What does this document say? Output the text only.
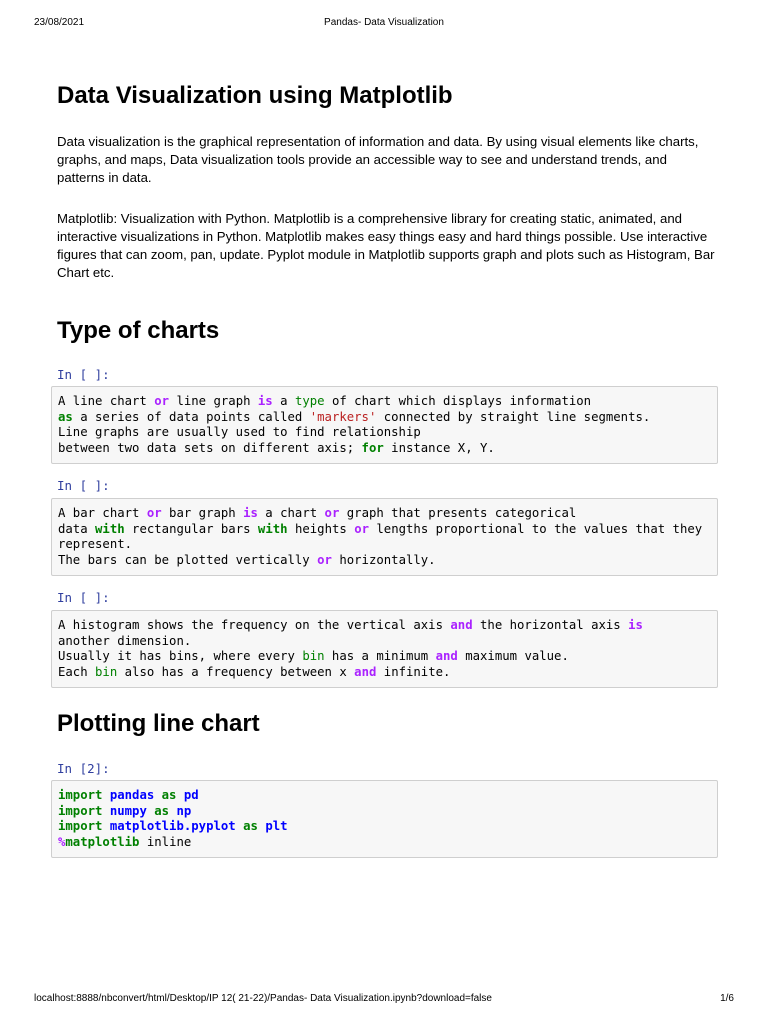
23/08/2021	Pandas- Data Visualization
Data Visualization using Matplotlib

Data visualization is the graphical representation of information and data. By using visual elements like charts, graphs, and maps, Data visualization tools provide an accessible way to see and understand trends, and patterns in data.

Matplotlib: Visualization with Python. Matplotlib is a comprehensive library for creating static, animated, and interactive visualizations in Python. Matplotlib makes easy things easy and hard things possible. Use interactive figures that can zoom, pan, update. Pyplot module in Matplotlib supports graph and plots such as Histogram, Bar Chart etc.

Type of charts
In [ ]:
A line chart or line graph is a type of chart which displays information
as a series of data points called 'markers' connected by straight line segments.
Line graphs are usually used to find relationship
between two data sets on different axis; for instance X, Y.
In [ ]:
A bar chart or bar graph is a chart or graph that presents categorical
data with rectangular bars with heights or lengths proportional to the values that they
represent.
The bars can be plotted vertically or horizontally.
In [ ]:
A histogram shows the frequency on the vertical axis and the horizontal axis is
another dimension.
Usually it has bins, where every bin has a minimum and maximum value.
Each bin also has a frequency between x and infinite.
Plotting line chart
In [2]:
import pandas as pd
import numpy as np
import matplotlib.pyplot as plt
%matplotlib inline
localhost:8888/nbconvert/html/Desktop/IP 12( 21-22)/Pandas- Data Visualization.ipynb?download=false	1/6
